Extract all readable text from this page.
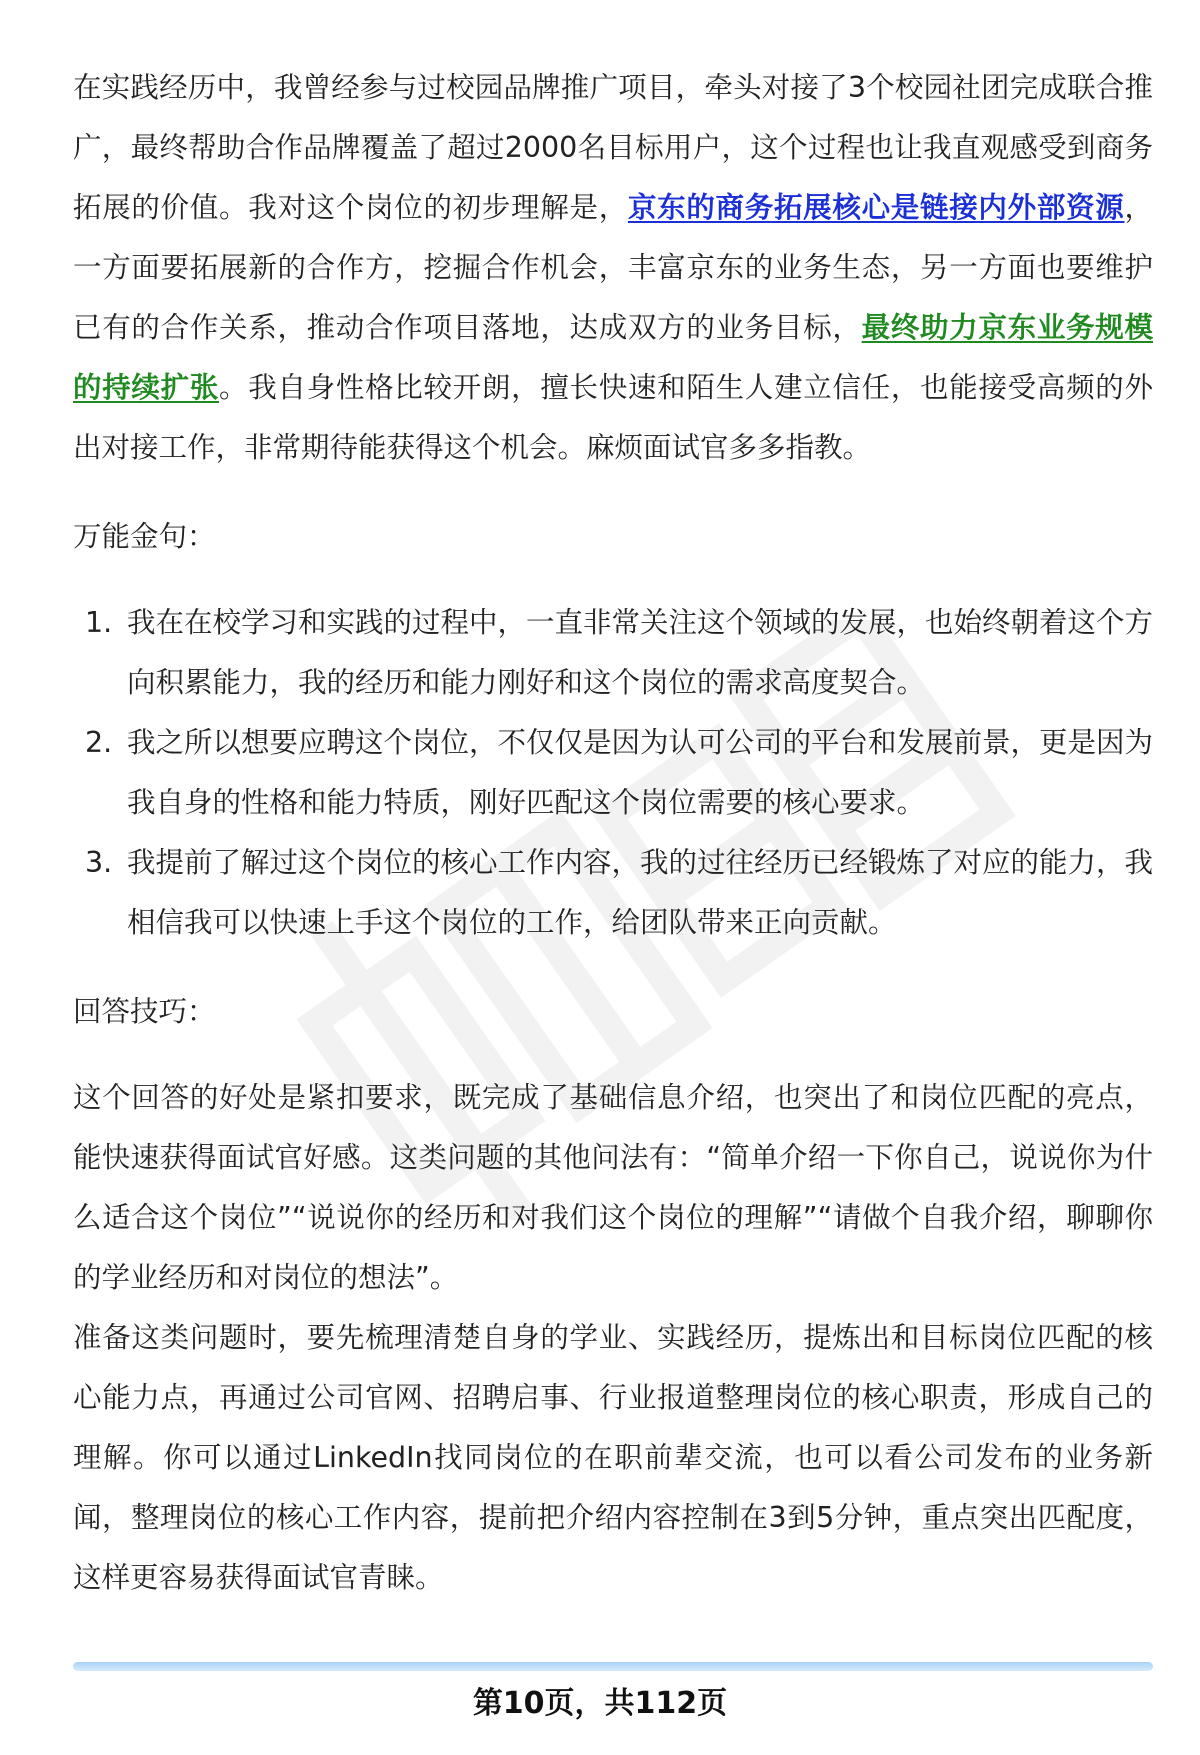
在实践经历中，我曾经参与过校园品牌推广项目，牵头对接了3个校园社团完成联合推广，最终帮助合作品牌覆盖了超过2000名目标用户，这个过程也让我直观感受到商务拓展的价值。我对这个岗位的初步理解是，京东的商务拓展核心是链接内外部资源，一方面要拓展新的合作方，挖掘合作机会，丰富京东的业务生态，另一方面也要维护已有的合作关系，推动合作项目落地，达成双方的业务目标，最终助力京东业务规模的持续扩张。我自身性格比较开朗，擅长快速和陌生人建立信任，也能接受高频的外出对接工作，非常期待能获得这个机会。麻烦面试官多多指教。

万能金句：

1. 我在在校学习和实践的过程中，一直非常关注这个领域的发展，也始终朝着这个方向积累能力，我的经历和能力刚好和这个岗位的需求高度契合。
2. 我之所以想要应聘这个岗位，不仅仅是因为认可公司的平台和发展前景，更是因为我自身的性格和能力特质，刚好匹配这个岗位需要的核心要求。
3. 我提前了解过这个岗位的核心工作内容，我的过往经历已经锻炼了对应的能力，我相信我可以快速上手这个岗位的工作，给团队带来正向贡献。

回答技巧：

这个回答的好处是紧扣要求，既完成了基础信息介绍，也突出了和岗位匹配的亮点，能快速获得面试官好感。这类问题的其他问法有：“简单介绍一下你自己，说说你为什么适合这个岗位”“说说你的经历和对我们这个岗位的理解”“请做个自我介绍，聊聊你的学业经历和对岗位的想法”。

准备这类问题时，要先梳理清楚自身的学业、实践经历，提炼出和目标岗位匹配的核心能力点，再通过公司官网、招聘启事、行业报道整理岗位的核心职责，形成自己的理解。你可以通过LinkedIn找同岗位的在职前辈交流，也可以看公司发布的业务新闻，整理岗位的核心工作内容，提前把介绍内容控制在3到5分钟，重点突出匹配度，这样更容易获得面试官青睐。

第10页，共112页
